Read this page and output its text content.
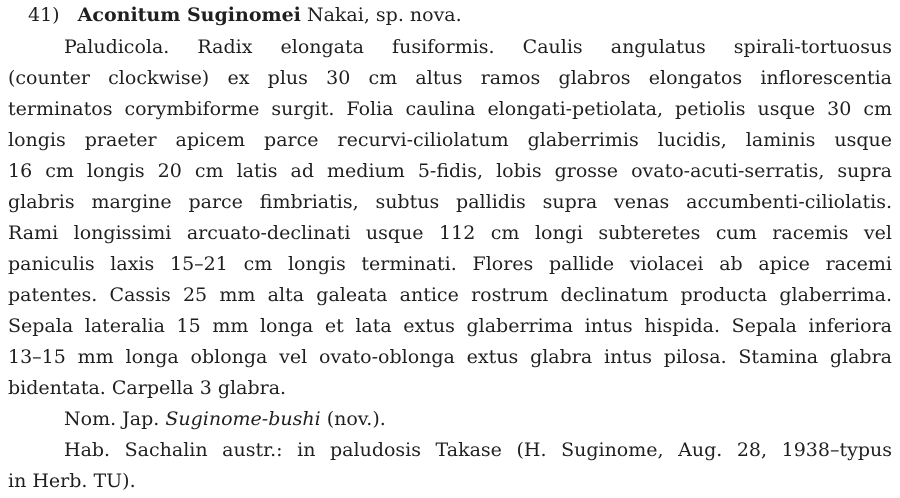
41) Aconitum Suginomei Nakai, sp. nova.
Paludicola. Radix elongata fusiformis. Caulis angulatus spirali-tortuosus
(counter clockwise) ex plus 30 cm altus ramos glabros elongatos inflorescentia
terminatos corymbiforme surgit. Folia caulina elongati-petiolata, petiolis usque 30 cm
longis praeter apicem parce recurvi-ciliolatum glaberrimis lucidis, laminis usque
16 cm longis 20 cm latis ad medium 5-fidis, lobis grosse ovato-acuti-serratis, supra
glabris margine parce fimbriatis, subtus pallidis supra venas accumbenti-ciliolatis.
Rami longissimi arcuato-declinati usque 112 cm longi subteretes cum racemis vel
paniculis laxis 15–21 cm longis terminati. Flores pallide violacei ab apice racemi
patentes. Cassis 25 mm alta galeata antice rostrum declinatum producta glaberrima.
Sepala lateralia 15 mm longa et lata extus glaberrima intus hispida. Sepala inferiora
13–15 mm longa oblonga vel ovato-oblonga extus glabra intus pilosa. Stamina glabra
bidentata. Carpella 3 glabra.
Nom. Jap. Suginome-bushi (nov.).
Hab. Sachalin austr.: in paludosis Takase (H. Suginome, Aug. 28, 1938–typus
in Herb. TU).
